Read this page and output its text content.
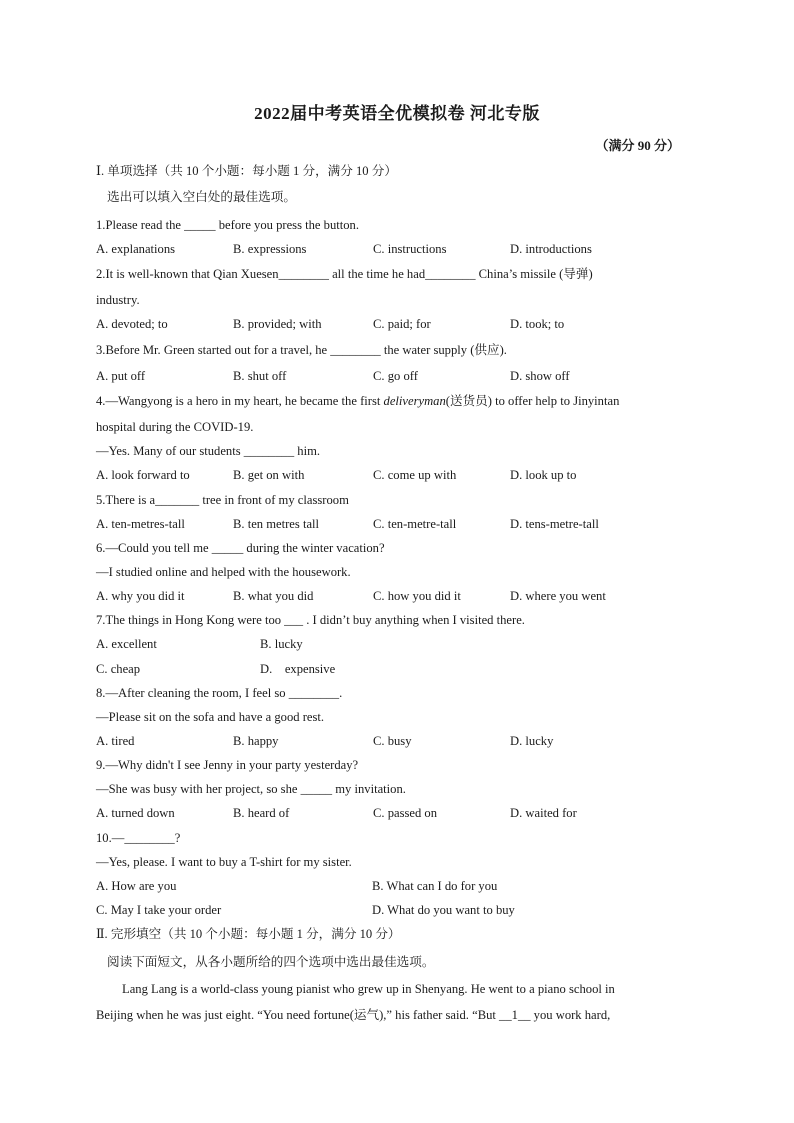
2022届中考英语全优模拟卷 河北专版
（满分 90 分）
Ⅰ. 单项选择（共 10 个小题：每小题 1 分，满分 10 分）
选出可以填入空白处的最佳选项。
1.Please read the _____ before you press the button.
A. explanations	B. expressions	C. instructions	D. introductions
2.It is well-known that Qian Xuesen________ all the time he had________ China’s missile (导弹)
industry.
A. devoted; to	B. provided; with	C. paid; for	D. took; to
3.Before Mr. Green started out for a travel, he ________ the water supply (供应).
A. put off	B. shut off	C. go off	D. show off
4.—Wangyong is a hero in my heart, he became the first deliveryman(送货员) to offer help to Jinyintan
hospital during the COVID-19.
—Yes. Many of our students ________ him.
A. look forward to	B. get on with	C. come up with	D. look up to
5.There is a_______ tree in front of my classroom
A. ten-metres-tall	B. ten metres tall	C. ten-metre-tall	D. tens-metre-tall
6.—Could you tell me _____ during the winter vacation?
—I studied online and helped with the housework.
A. why you did it	B. what you did	C. how you did it	D. where you went
7.The things in Hong Kong were too ___ . I didn’t buy anything when I visited there.
A. excellent	B. lucky
C. cheap	D.    expensive
8.—After cleaning the room, I feel so ________.
—Please sit on the sofa and have a good rest.
A. tired	B. happy	C. busy	D. lucky
9.—Why didn't I see Jenny in your party yesterday?
—She was busy with her project, so she _____ my invitation.
A. turned down	B. heard of	C. passed on	D. waited for
10.—________?
—Yes, please. I want to buy a T-shirt for my sister.
A. How are you	B. What can I do for you
C. May I take your order	D. What do you want to buy
Ⅱ. 完形填空（共 10 个小题：每小题 1 分，满分 10 分）
阅读下面短文，从各小题所给的四个选项中选出最佳选项。
Lang Lang is a world-class young pianist who grew up in Shenyang. He went to a piano school in
Beijing when he was just eight. “You need fortune(运气),” his father said. “But __1__ you work hard,
